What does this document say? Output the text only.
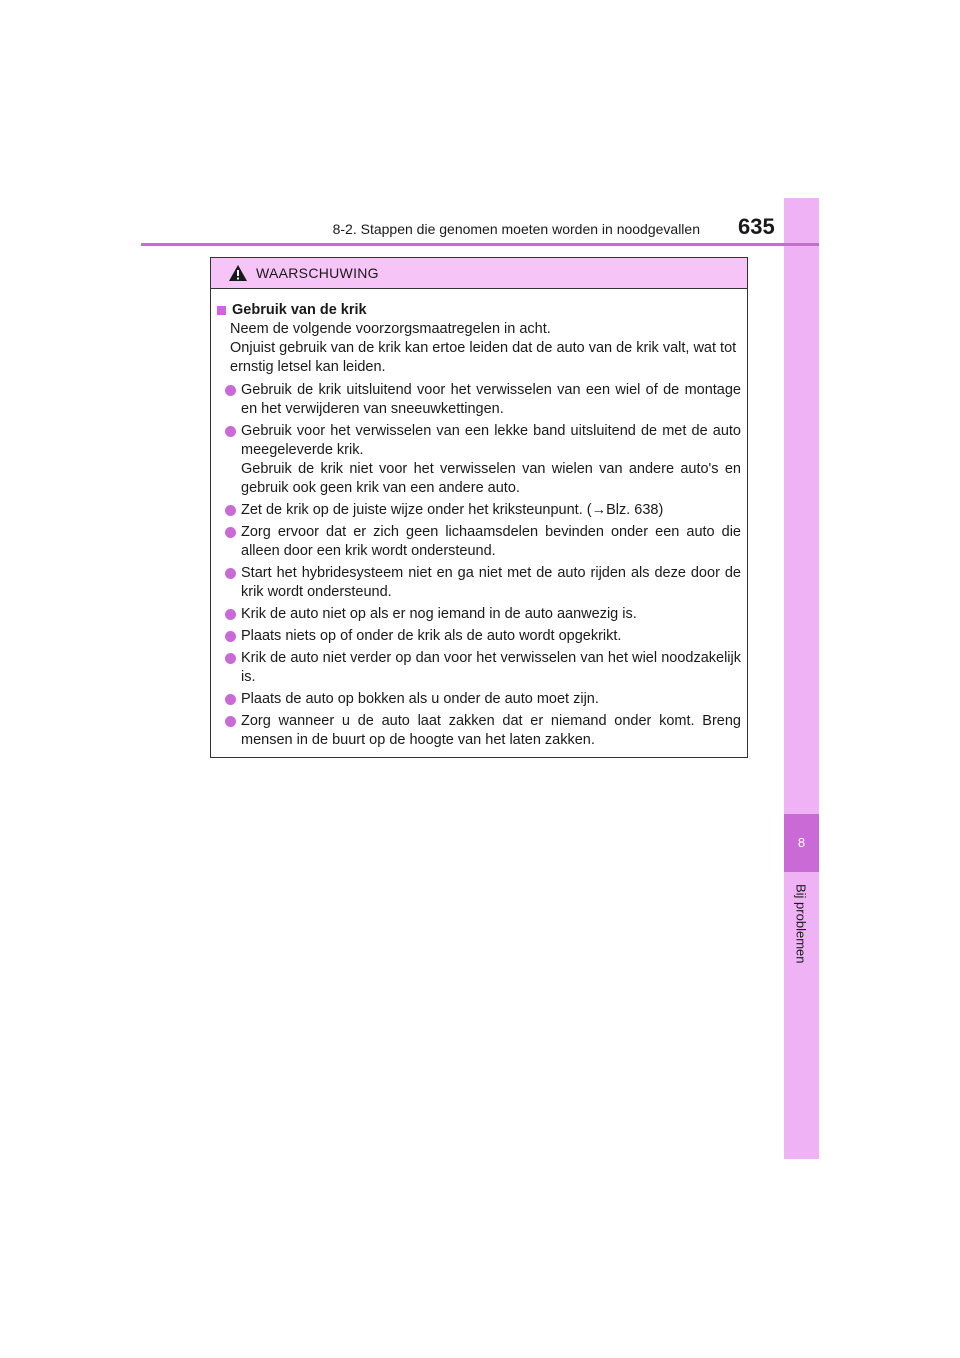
8
Bij problemen
8-2. Stappen die genomen moeten worden in noodgevallen 635
WAARSCHUWING
Gebruik van de krik
Neem de volgende voorzorgsmaatregelen in acht.
Onjuist gebruik van de krik kan ertoe leiden dat de auto van de krik valt, wat tot ernstig letsel kan leiden.
Gebruik de krik uitsluitend voor het verwisselen van een wiel of de montage en het verwijderen van sneeuwkettingen.
Gebruik voor het verwisselen van een lekke band uitsluitend de met de auto meegeleverde krik.
Gebruik de krik niet voor het verwisselen van wielen van andere auto's en gebruik ook geen krik van een andere auto.
Zet de krik op de juiste wijze onder het kriksteunpunt. (→Blz. 638)
Zorg ervoor dat er zich geen lichaamsdelen bevinden onder een auto die alleen door een krik wordt ondersteund.
Start het hybridesysteem niet en ga niet met de auto rijden als deze door de krik wordt ondersteund.
Krik de auto niet op als er nog iemand in de auto aanwezig is.
Plaats niets op of onder de krik als de auto wordt opgekrikt.
Krik de auto niet verder op dan voor het verwisselen van het wiel noodzakelijk is.
Plaats de auto op bokken als u onder de auto moet zijn.
Zorg wanneer u de auto laat zakken dat er niemand onder komt. Breng mensen in de buurt op de hoogte van het laten zakken.
